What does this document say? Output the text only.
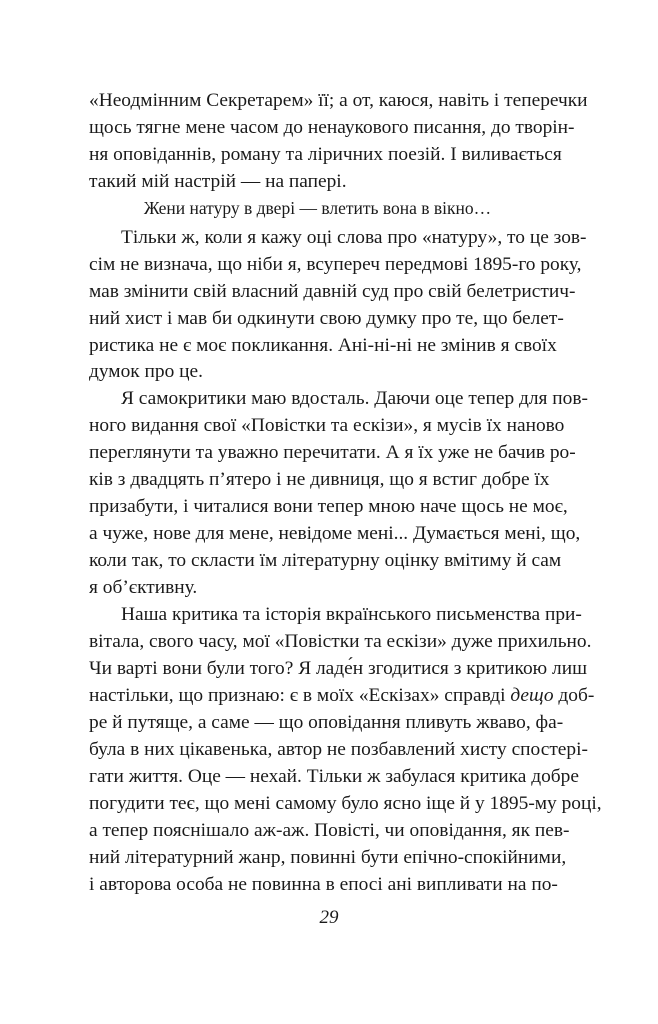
«Неодмінним Секретарем» її; а от, каюся, навіть і теперечки
щось тягне мене часом до ненаукового писання, до творін-
ня оповіданнів, роману та ліричних поезій. І виливається
такий мій настрій — на папері.
Жени натуру в двері — влетить вона в вікно…
Тільки ж, коли я кажу оці слова про «натуру», то це зов-
сім не визнача, що ніби я, всупереч передмові 1895-го року,
мав змінити свій власний давній суд про свій белетристич-
ний хист і мав би одкинути свою думку про те, що белет-
ристика не є моє покликання. Ані-ні-ні не змінив я своїх
думок про це.
Я самокритики маю вдосталь. Даючи оце тепер для пов-
ного видання свої «Повістки та ескізи», я мусів їх наново
переглянути та уважно перечитати. А я їх уже не бачив ро-
ків з двадцять п’ятеро і не дивниця, що я встиг добре їх
призабути, і читалися вони тепер мною наче щось не моє,
а чуже, нове для мене, невідоме мені... Думається мені, що,
коли так, то скласти їм літературну оцінку вмітиму й сам
я об’єктивну.
Наша критика та історія вкраїнського письменства при-
вітала, свого часу, мої «Повістки та ескізи» дуже прихильно.
Чи варті вони були того? Я ладе́н згодитися з критикою лиш
настільки, що признаю: є в моїх «Ескізах» справді дещо доб-
ре й путяще, а саме — що оповідання пливуть жваво, фа-
була в них цікавенька, автор не позбавлений хисту спостері-
гати життя. Оце — нехай. Тільки ж забулася критика добре
погудити теє, що мені самому було ясно іще й у 1895-му році,
а тепер пояснішало аж-аж. Повісті, чи оповідання, як пев-
ний літературний жанр, повинні бути епічно-спокійними,
і авторова особа не повинна в епосі ані випливати на по-
29
